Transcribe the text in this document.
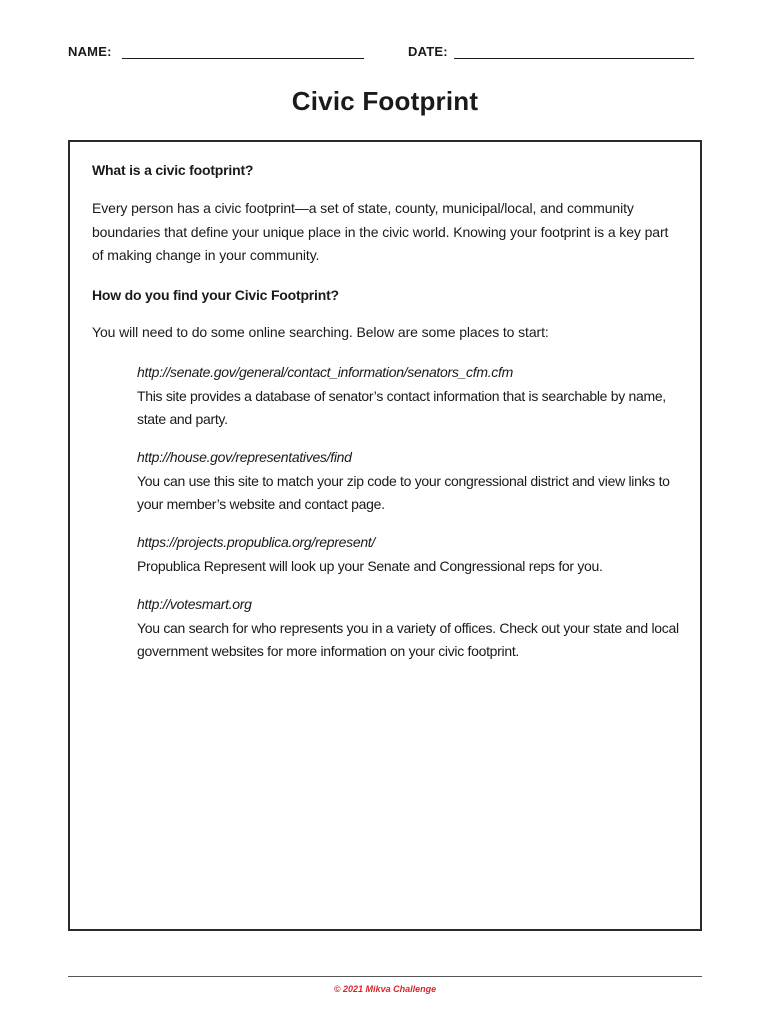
NAME:	DATE:
Civic Footprint
What is a civic footprint?
Every person has a civic footprint—a set of state, county, municipal/local, and community boundaries that define your unique place in the civic world. Knowing your footprint is a key part of making change in your community.
How do you find your Civic Footprint?
You will need to do some online searching. Below are some places to start:
http://senate.gov/general/contact_information/senators_cfm.cfm
This site provides a database of senator’s contact information that is searchable by name, state and party.
http://house.gov/representatives/find
You can use this site to match your zip code to your congressional district and view links to your member’s website and contact page.
https://projects.propublica.org/represent/
Propublica Represent will look up your Senate and Congressional reps for you.
http://votesmart.org
You can search for who represents you in a variety of offices. Check out your state and local government websites for more information on your civic footprint.
© 2021 Mikva Challenge
